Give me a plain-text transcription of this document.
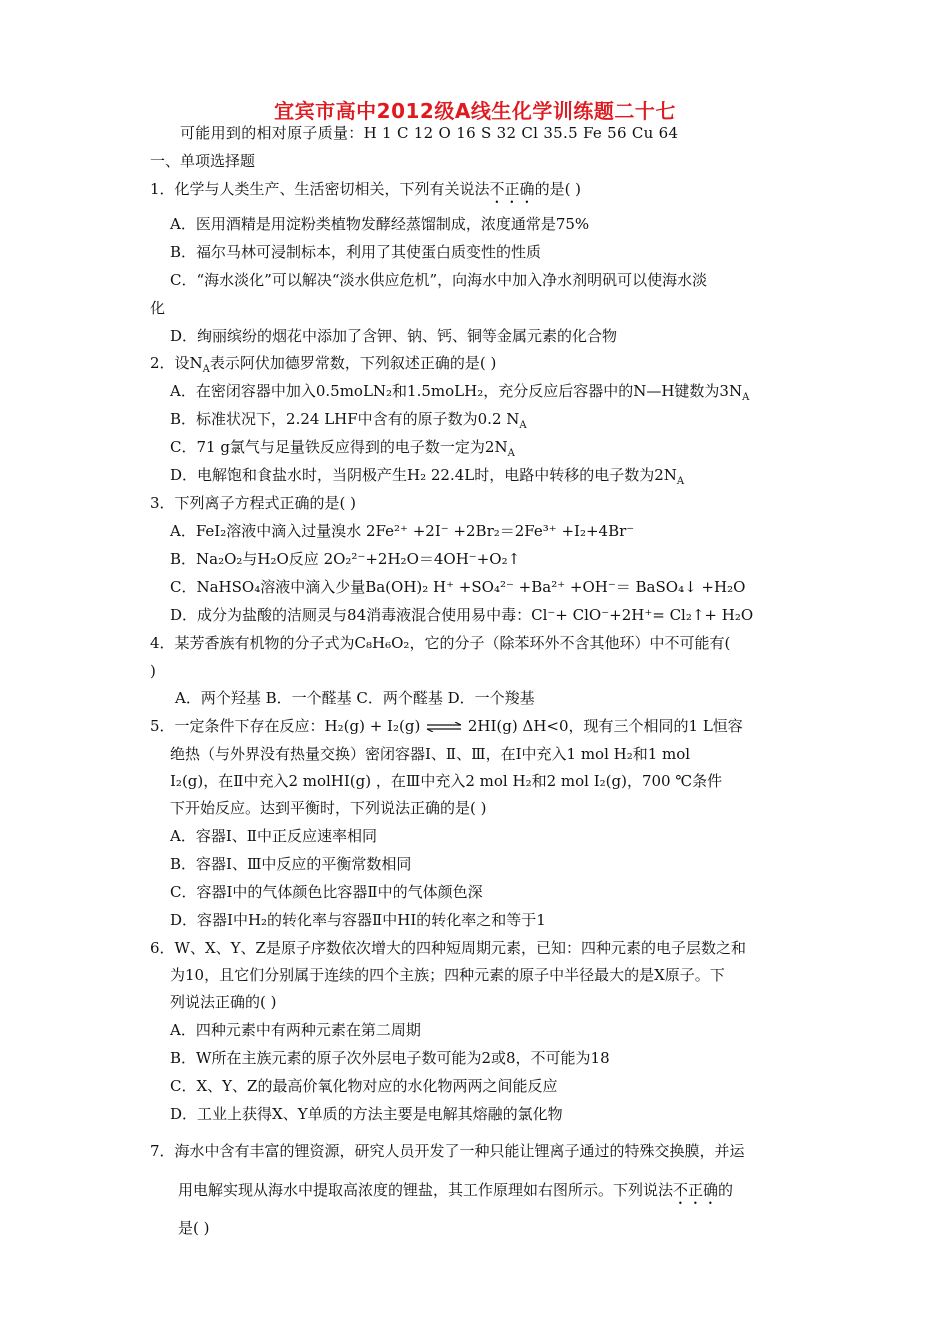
宜宾市高中2012级A线生化学训练题二十七
可能用到的相对原子质量：H 1 C 12 O 16 S 32 Cl 35.5 Fe 56 Cu 64
一、单项选择题
1．化学与人类生产、生活密切相关，下列有关说法不正确的是( )
A．医用酒精是用淀粉类植物发酵经蒸馏制成，浓度通常是75%
B．福尔马林可浸制标本，利用了其使蛋白质变性的性质
C．“海水淡化”可以解决“淡水供应危机”，向海水中加入净水剂明矾可以使海水淡
化
D．绚丽缤纷的烟花中添加了含钾、钠、钙、铜等金属元素的化合物
2．设$N_A$表示阿伏加德罗常数，下列叙述正确的是( )
A．在密闭容器中加入0.5moLN₂和1.5moLH₂，充分反应后容器中的N—H键数为$3N_A$
B．标准状况下，2.24 LHF中含有的原子数为0.2 $N_A$
C．71 g氯气与足量铁反应得到的电子数一定为$2N_A$
D．电解饱和食盐水时，当阴极产生H₂ 22.4L时，电路中转移的电子数为$2N_A$
3．下列离子方程式正确的是( )
A．FeI₂溶液中滴入过量溴水 2Fe²⁺ +2I⁻ +2Br₂＝2Fe³⁺ +I₂+4Br⁻
B．Na₂O₂与H₂O反应 2O₂²⁻+2H₂O＝4OH⁻+O₂↑
C．NaHSO₄溶液中滴入少量Ba(OH)₂ H⁺ +SO₄²⁻ +Ba²⁺ +OH⁻＝ BaSO₄↓ +H₂O
D．成分为盐酸的洁厕灵与84消毒液混合使用易中毒：Cl⁻+ ClO⁻+2H⁺= Cl₂↑+ H₂O
4．某芳香族有机物的分子式为C₈H₆O₂，它的分子（除苯环外不含其他环）中不可能有(
)
A．两个羟基 B．一个醛基 C．两个醛基 D．一个羧基
5．一定条件下存在反应：H₂(g) + I₂(g) ⇌ 2HI(g) ΔH<0，现有三个相同的1 L恒容
绝热（与外界没有热量交换）密闭容器Ⅰ、Ⅱ、Ⅲ，在Ⅰ中充入1 mol H₂和1 mol
I₂(g)，在Ⅱ中充入2 molHI(g) ，在Ⅲ中充入2 mol H₂和2 mol I₂(g)，700 ℃条件
下开始反应。达到平衡时，下列说法正确的是( )
A．容器Ⅰ、Ⅱ中正反应速率相同
B．容器Ⅰ、Ⅲ中反应的平衡常数相同
C．容器Ⅰ中的气体颜色比容器Ⅱ中的气体颜色深
D．容器Ⅰ中H₂的转化率与容器Ⅱ中HI的转化率之和等于1
6．W、X、Y、Z是原子序数依次增大的四种短周期元素，已知：四种元素的电子层数之和
为10，且它们分别属于连续的四个主族；四种元素的原子中半径最大的是X原子。下
列说法正确的( )
A．四种元素中有两种元素在第二周期
B．W所在主族元素的原子次外层电子数可能为2或8，不可能为18
C．X、Y、Z的最高价氧化物对应的水化物两两之间能反应
D．工业上获得X、Y单质的方法主要是电解其熔融的氯化物
7．海水中含有丰富的锂资源，研究人员开发了一种只能让锂离子通过的特殊交换膜，并运
用电解实现从海水中提取高浓度的锂盐，其工作原理如右图所示。下列说法不正确的
是( )
